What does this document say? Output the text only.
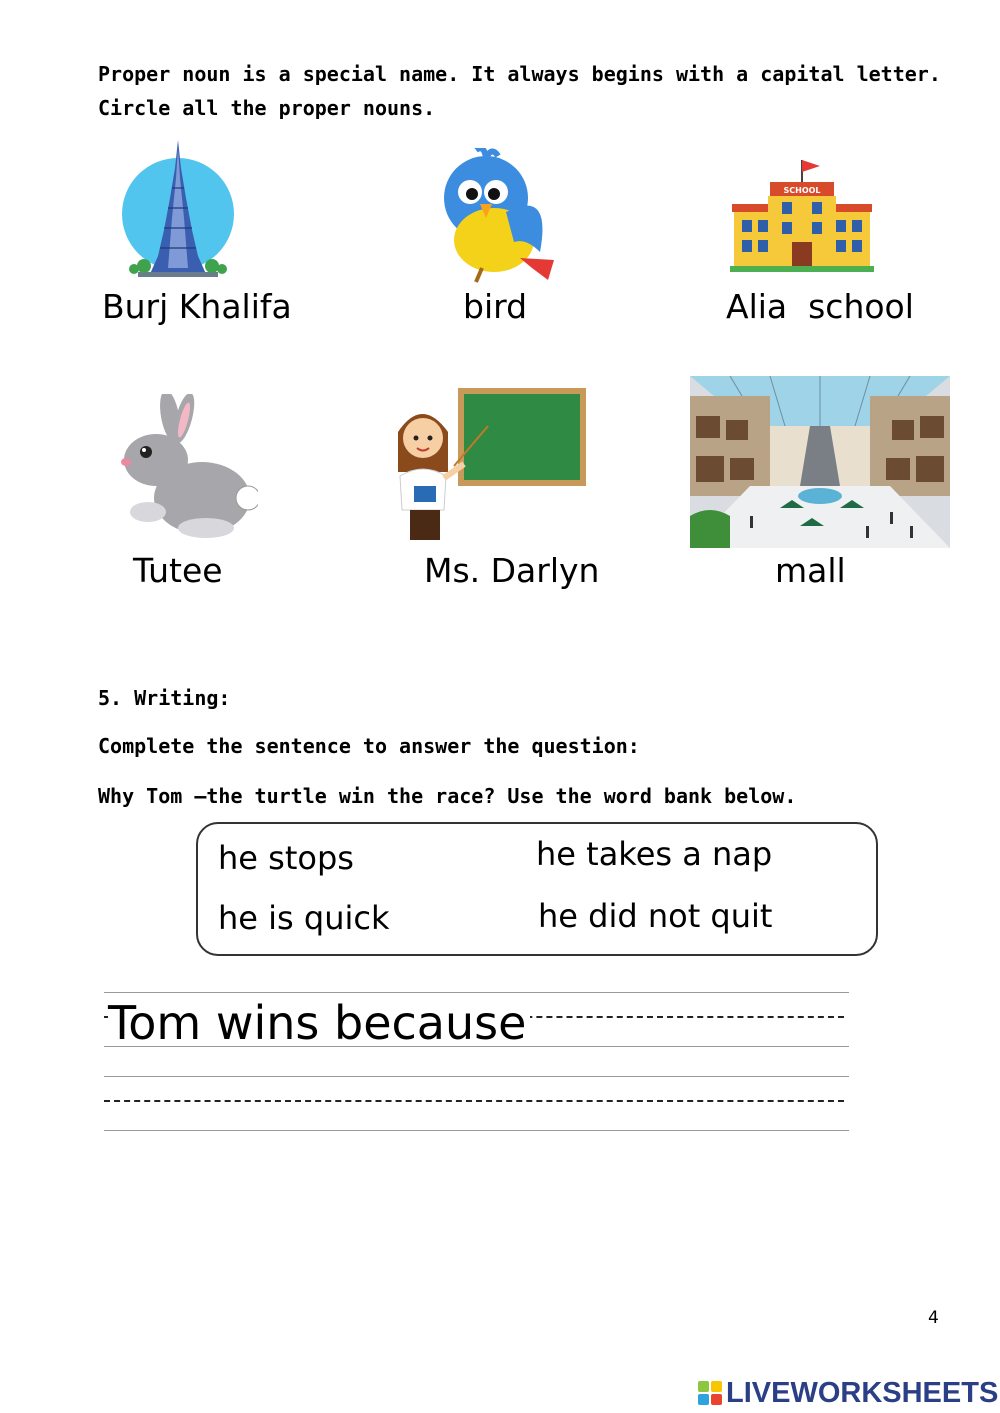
Proper noun is a special name. It always begins with a capital letter.
Circle all the proper nouns.
Burj Khalifa	bird
SCHOOL
Alia  school
Tutee	Ms. Darlyn	mall
5. Writing:
Complete the sentence to answer the question:
Why Tom –the turtle win the race? Use the word bank below.
he stops	he takes a nap
he is quick	he did not quit
Tom wins because
4
LIVEWORKSHEETS
